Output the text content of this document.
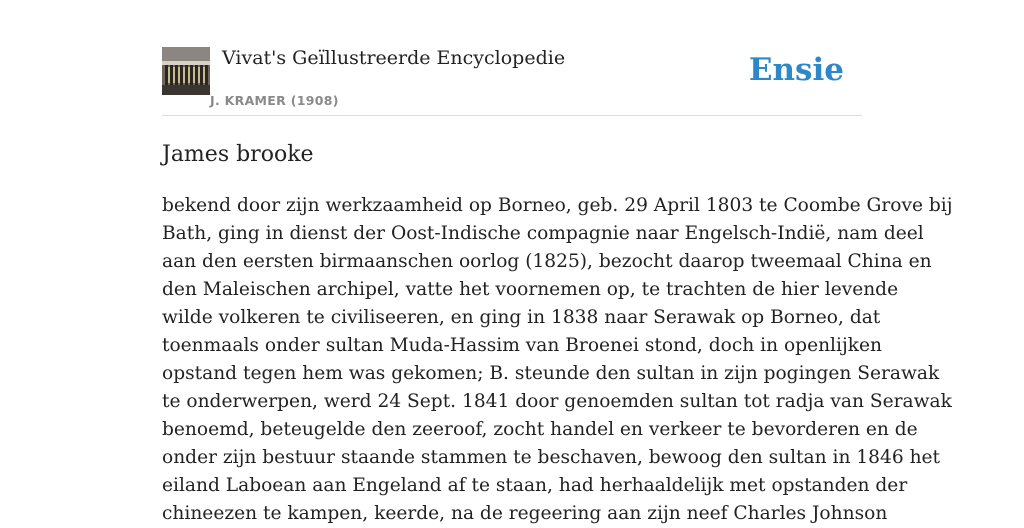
Vivat's Geïllustreerde Encyclopedie
J. KRAMER (1908)
Ensie
James brooke
bekend door zijn werkzaamheid op Borneo, geb. 29 April 1803 te Coombe Grove bij
Bath, ging in dienst der Oost-Indische compagnie naar Engelsch-Indië, nam deel
aan den eersten birmaanschen oorlog (1825), bezocht daarop tweemaal China en
den Maleischen archipel, vatte het voornemen op, te trachten de hier levende
wilde volkeren te civiliseeren, en ging in 1838 naar Serawak op Borneo, dat
toenmaals onder sultan Muda-Hassim van Broenei stond, doch in openlijken
opstand tegen hem was gekomen; B. steunde den sultan in zijn pogingen Serawak
te onderwerpen, werd 24 Sept. 1841 door genoemden sultan tot radja van Serawak
benoemd, beteugelde den zeeroof, zocht handel en verkeer te bevorderen en de
onder zijn bestuur staande stammen te beschaven, bewoog den sultan in 1846 het
eiland Laboean aan Engeland af te staan, had herhaaldelijk met opstanden der
chineezen te kampen, keerde, na de regeering aan zijn neef Charles Johnson
